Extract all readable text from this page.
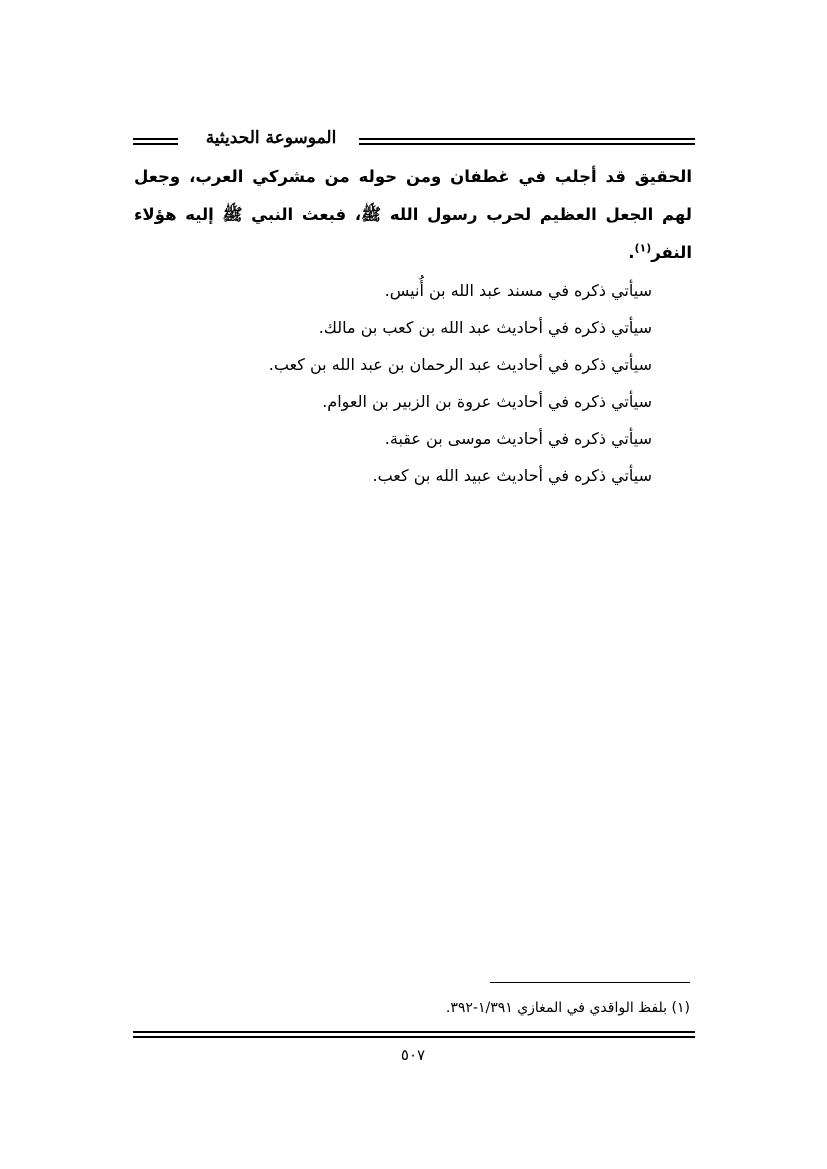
الموسوعة الحديثية

الحقيق قد أجلب في غطفان ومن حوله من مشركي العرب، وجعل لهم الجعل العظيم لحرب رسول الله ﷺ، فبعث النبي ﷺ إليه هؤلاء النفر$^{(١)}$.

سيأتي ذكره في مسند عبد الله بن أُنيس.
سيأتي ذكره في أحاديث عبد الله بن كعب بن مالك.
سيأتي ذكره في أحاديث عبد الرحمان بن عبد الله بن كعب.
سيأتي ذكره في أحاديث عروة بن الزبير بن العوام.
سيأتي ذكره في أحاديث موسى بن عقبة.
سيأتي ذكره في أحاديث عبيد الله بن كعب.
(١) بلفظ الواقدي في المغازي ١/٣٩١-٣٩٢.
٥٠٧
